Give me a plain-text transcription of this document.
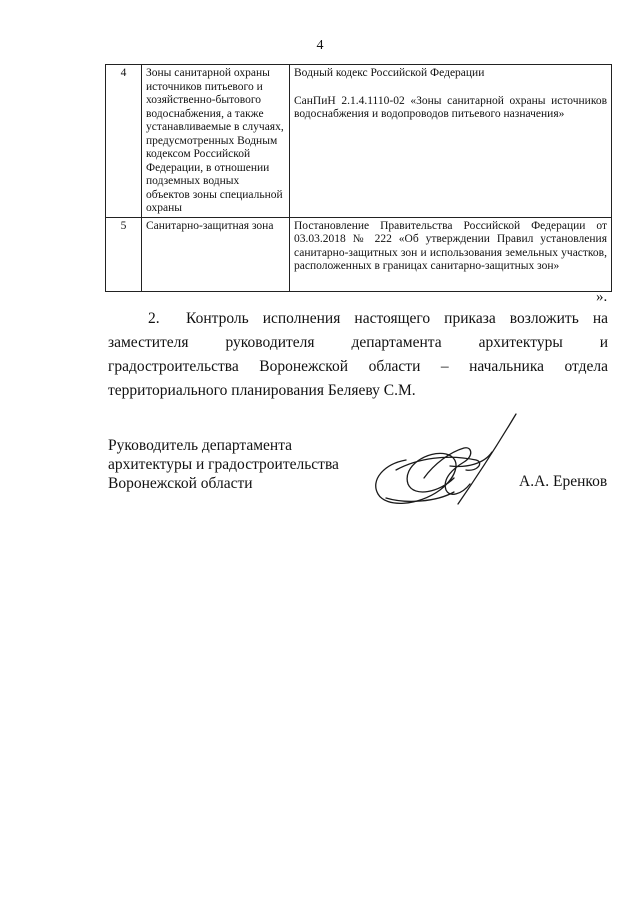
4
4	Зоны санитарной охраны источников питьевого и хозяйственно-бытового водоснабжения, а также устанавливаемые в случаях, предусмотренных Водным кодексом Российской Федерации, в отношении подземных водных объектов зоны специальной охраны	Водный кодекс Российской Федерации

СанПиН 2.1.4.1110-02 «Зоны санитарной охраны источников водоснабжения и водопроводов питьевого назначения»

5	Санитарно-защитная зона	Постановление Правительства Российской Федерации от 03.03.2018 № 222 «Об утверждении Правил установления санитарно-защитных зон и использования земельных участков, расположенных в границах санитарно-защитных зон»
».

2. Контроль исполнения настоящего приказа возложить на заместителя руководителя департамента архитектуры и градостроительства Воронежской области – начальника отдела территориального планирования Беляеву С.М.

Руководитель департамента
архитектуры и градостроительства
Воронежской области	А.А. Еренков
